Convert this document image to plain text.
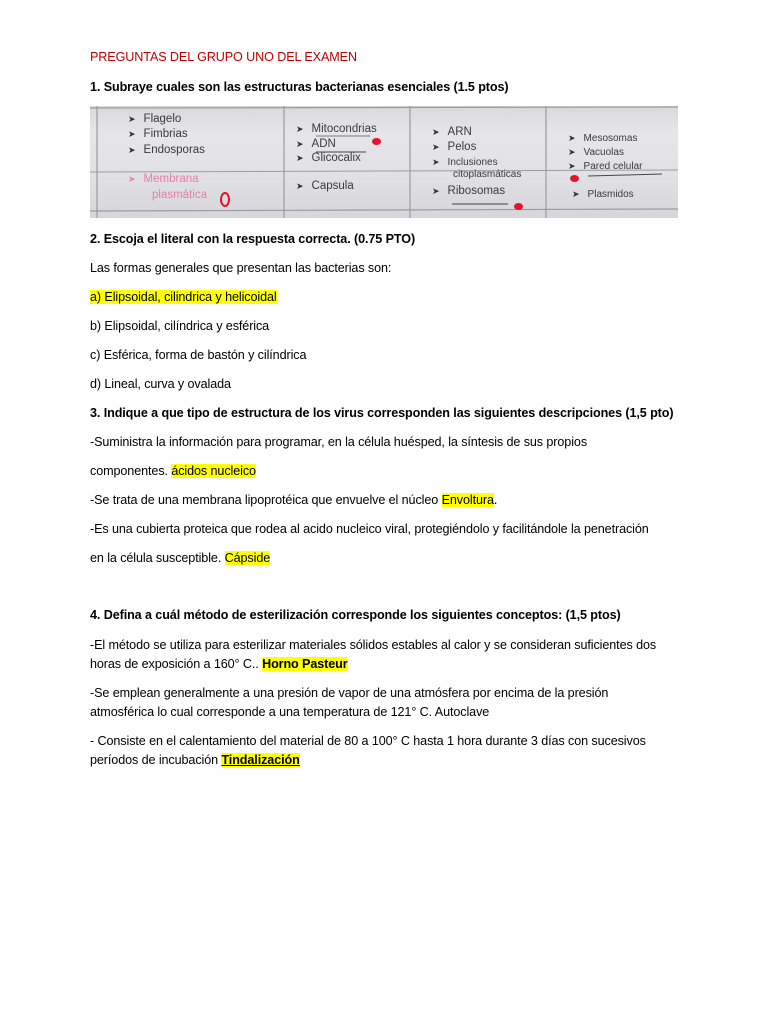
PREGUNTAS DEL GRUPO UNO DEL EXAMEN
1. Subraye cuales son las estructuras bacterianas esenciales (1.5 ptos)
➤ Flagelo
➤ Fimbrias
➤ Endosporas
➤ Membrana
plasmática
➤ Mitocondrias
➤ ADN
➤ Glicocalix
➤ Capsula
➤ ARN
➤ Pelos
➤ Inclusiones
citoplasmáticas
➤ Ribosomas
➤ Mesosomas
➤ Vacuolas
➤ Pared celular
➤ Plasmidos
2. Escoja el literal con la respuesta correcta. (0.75 PTO)
Las formas generales que presentan las bacterias son:
a) Elipsoidal, cilindrica y helicoidal
b) Elipsoidal, cilíndrica y esférica
c) Esférica, forma de bastón y cilíndrica
d) Lineal, curva y ovalada
3. Indique a que tipo de estructura de los virus corresponden las siguientes descripciones (1,5 pto)
-Suministra la información para programar, en la célula huésped, la síntesis de sus propios
componentes. ácidos nucleico
-Se trata de una membrana lipoprotéica que envuelve el núcleo Envoltura.
-Es una cubierta proteica que rodea al acido nucleico viral, protegiéndolo y facilitándole la penetración
en la célula susceptible. Cápside
4. Defina a cuál método de esterilización corresponde los siguientes conceptos: (1,5 ptos)
-El método se utiliza para esterilizar materiales sólidos estables al calor y se consideran suficientes dos
horas de exposición a 160° C.. Horno Pasteur
-Se emplean generalmente a una presión de vapor de una atmósfera por encima de la presión
atmosférica lo cual corresponde a una temperatura de 121° C. Autoclave
- Consiste en el calentamiento del material de 80 a 100° C hasta 1 hora durante 3 días con sucesivos
períodos de incubación Tindalización
